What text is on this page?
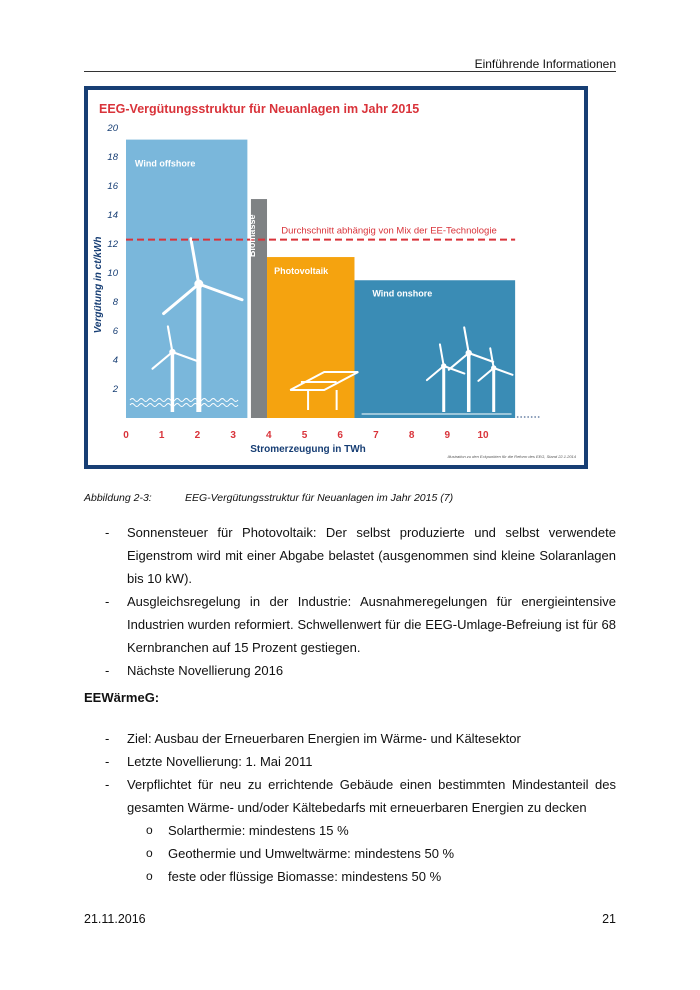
Einführende Informationen
EEG-Vergütungsstruktur für Neuanlagen im Jahr 2015
Durchschnitt abhängig von Mix der EE-Technologie
Wind offshore
Biomasse
Photovoltaik
Wind onshore
0	1	2	3	4	5	6	7	8	9	10
2
4
6
8
10
12
14
16
18
20
Vergütung in ct/kWh
Stromerzeugung in TWh
Illustration zu den Eckpunkten für die Reform des EEG, Stand 22.1.2014
Abbildung 2-3:	EEG-Vergütungsstruktur für Neuanlagen im Jahr 2015 (7)
- Sonnensteuer für Photovoltaik: Der selbst produzierte und selbst verwendete Eigenstrom wird mit einer Abgabe belastet (ausgenommen sind kleine Solaranlagen bis 10 kW).
- Ausgleichsregelung in der Industrie: Ausnahmeregelungen für energieintensive Industrien wurden reformiert. Schwellenwert für die EEG-Umlage-Befreiung ist für 68 Kernbranchen auf 15 Prozent gestiegen.
- Nächste Novellierung 2016
EEWärmeG:
- Ziel: Ausbau der Erneuerbaren Energien im Wärme- und Kältesektor
- Letzte Novellierung: 1. Mai 2011
- Verpflichtet für neu zu errichtende Gebäude einen bestimmten Mindestanteil des gesamten Wärme- und/oder Kältebedarfs mit erneuerbaren Energien zu decken
o Solarthermie: mindestens 15 %
o Geothermie und Umweltwärme: mindestens 50 %
o feste oder flüssige Biomasse: mindestens 50 %
21.11.2016	21
